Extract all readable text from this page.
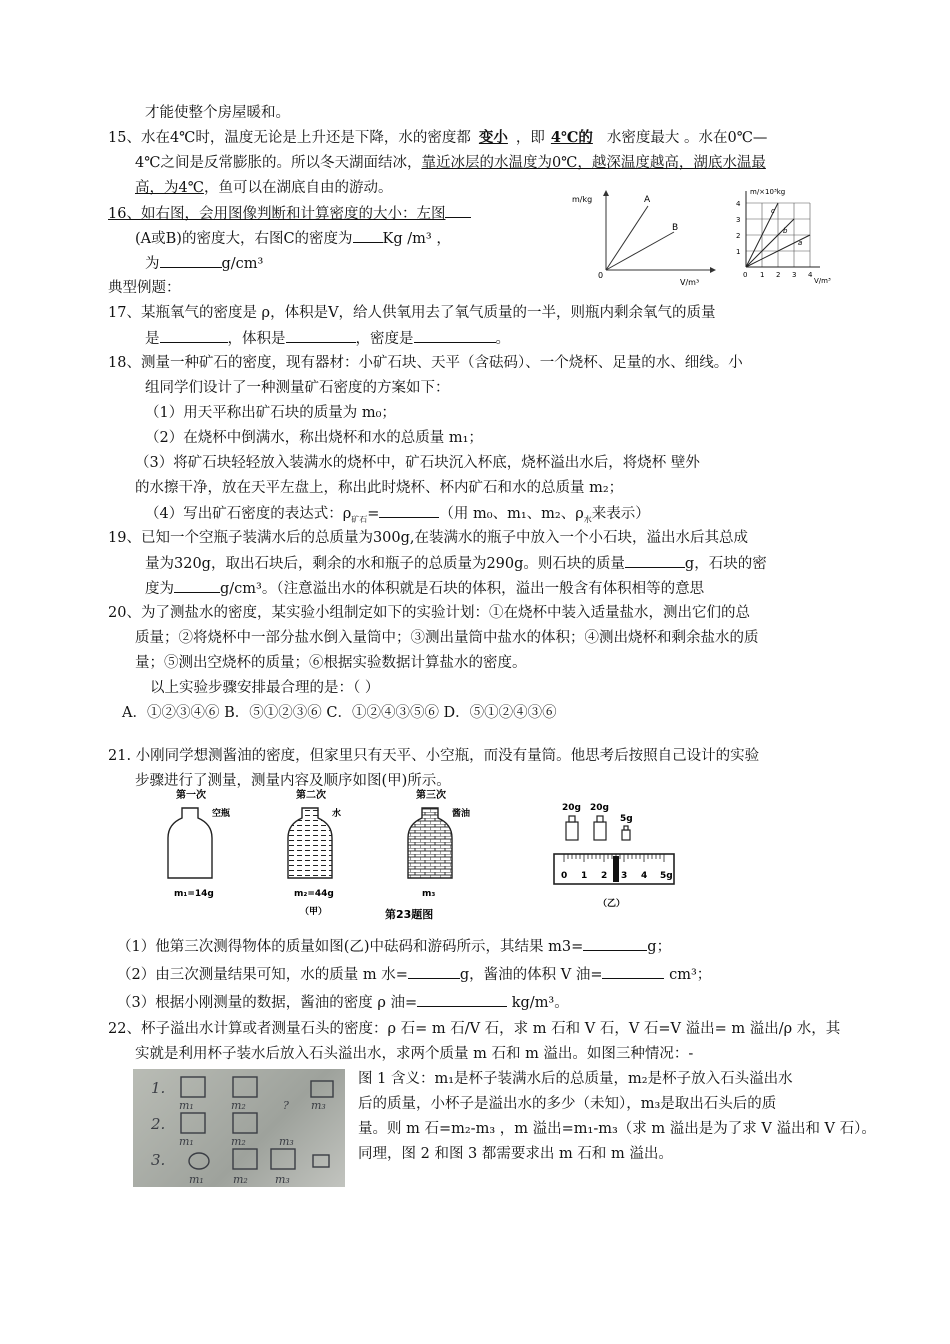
才能使整个房屋暖和。
15、水在4℃时，温度无论是上升还是下降，水的密度都 变小 ，即 4℃的 水密度最大 。水在0℃—
4℃之间是反常膨胀的。所以冬天湖面结冰，靠近冰层的水温度为0℃，越深温度越高，湖底水温最
高，为4℃，鱼可以在湖底自由的游动。
16、如右图，会用图像判断和计算密度的大小：左图
(A或B)的密度大，右图C的密度为 Kg /m³ ，
为	g/cm³
m/kg
V/m³
0
A
B
m/×10³kg
V/m³
4
3
2
1
0 1 2 3 4
c
b
a
典型例题：
17、某瓶氧气的密度是 ρ，体积是V，给人供氧用去了氧气质量的一半，则瓶内剩余氧气的质量
是	，体积是	，密度是	。
18、测量一种矿石的密度，现有器材：小矿石块、天平（含砝码）、一个烧杯、足量的水、细线。小
组同学们设计了一种测量矿石密度的方案如下：
（1）用天平称出矿石块的质量为 m₀；
（2）在烧杯中倒满水，称出烧杯和水的总质量 m₁；
（3）将矿石块轻轻放入装满水的烧杯中，矿石块沉入杯底，烧杯溢出水后，将烧杯 壁外
的水擦干净，放在天平左盘上，称出此时烧杯、杯内矿石和水的总质量 m₂；
（4）写出矿石密度的表达式：$\rho_{矿石}=$	（用 m₀、m₁、m₂、$\rho_水$来表示）
19、已知一个空瓶子装满水后的总质量为300g,在装满水的瓶子中放入一个小石块，溢出水后其总成
量为320g，取出石块后，剩余的水和瓶子的总质量为290g。则石块的质量	g，石块的密
度为	g/cm³。（注意溢出水的体积就是石块的体积，溢出一般含有体积相等的意思
20、为了测盐水的密度，某实验小组制定如下的实验计划：①在烧杯中装入适量盐水，测出它们的总
质量；②将烧杯中一部分盐水倒入量筒中；③测出量筒中盐水的体积；④测出烧杯和剩余盐水的质
量；⑤测出空烧杯的质量；⑥根据实验数据计算盐水的密度。
以上实验步骤安排最合理的是：（ ）
A．①②③④⑥ B．⑤①②③⑥ C．①②④③⑤⑥ D．⑤①②④③⑥
21. 小刚同学想测酱油的密度，但家里只有天平、小空瓶，而没有量筒。他思考后按照自己设计的实验
步骤进行了测量，测量内容及顺序如图(甲)所示。
第一次	第二次	第三次
空瓶	水	酱油
m₁=14g	m₂=44g	m₃
（甲）	第23题图
（乙）
20g 20g
5g
0 1 2 3 4 5g
（1）他第三次测得物体的质量如图(乙)中砝码和游码所示，其结果 m3=	g；
（2）由三次测量结果可知，水的质量 m 水=	g，酱油的体积 V 油=	cm³；
（3）根据小刚测量的数据，酱油的密度 ρ 油=	kg/m³。
22、杯子溢出水计算或者测量石头的密度：ρ 石= m 石/V 石，求 m 石和 V 石，V 石=V 溢出= m 溢出/ρ 水，其
实就是利用杯子装水后放入石头溢出水，求两个质量 m 石和 m 溢出。如图三种情况：-
1.
2.
3.
m₁	m₂	? m₃
m₁	m₂	m₃
m₁	m₂ m₃
图 1 含义：m₁是杯子装满水后的总质量，m₂是杯子放入石头溢出水
后的质量，小杯子是溢出水的多少（未知），m₃是取出石头后的质
量。则 m 石=m₂-m₃ ，m 溢出=m₁-m₃（求 m 溢出是为了求 V 溢出和 V 石）。
同理，图 2 和图 3 都需要求出 m 石和 m 溢出。
